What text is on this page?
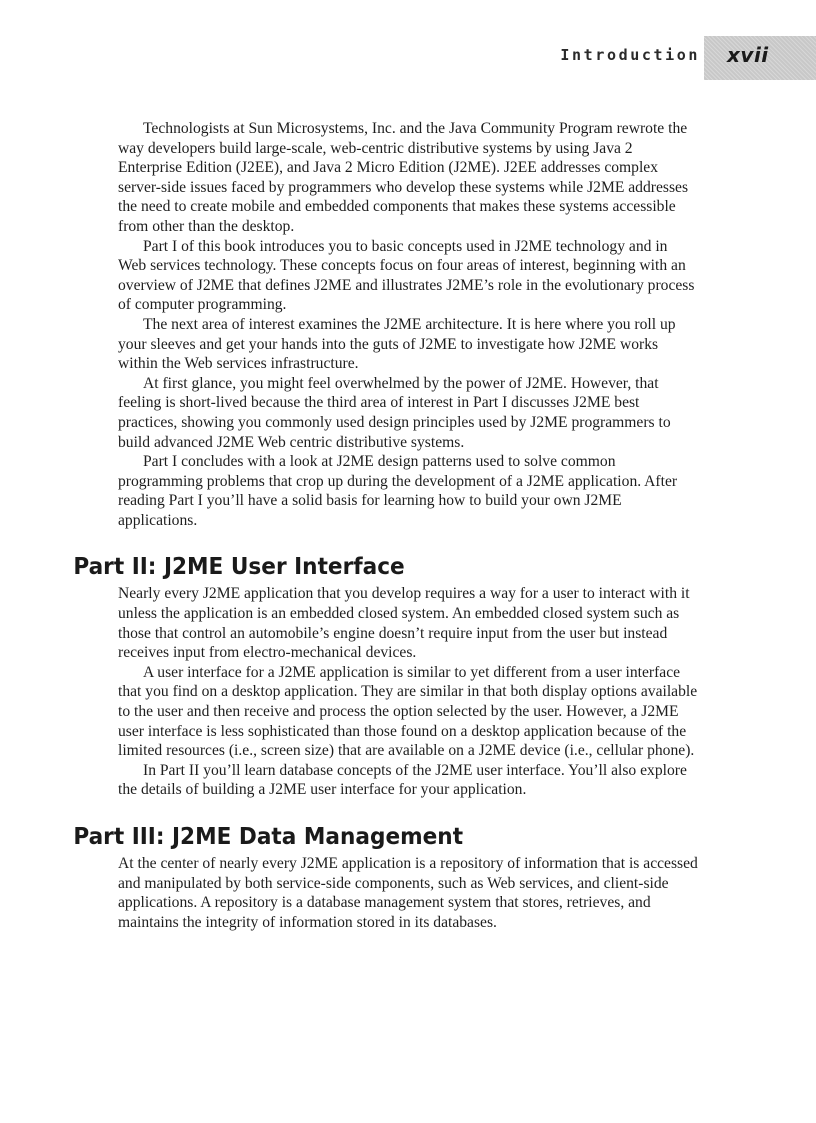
Introduction xvii

Technologists at Sun Microsystems, Inc. and the Java Community Program rewrote the way developers build large-scale, web-centric distributive systems by using Java 2 Enterprise Edition (J2EE), and Java 2 Micro Edition (J2ME). J2EE addresses complex server-side issues faced by programmers who develop these systems while J2ME addresses the need to create mobile and embedded components that makes these systems accessible from other than the desktop.

Part I of this book introduces you to basic concepts used in J2ME technology and in Web services technology. These concepts focus on four areas of interest, beginning with an overview of J2ME that defines J2ME and illustrates J2ME’s role in the evolutionary process of computer programming.

The next area of interest examines the J2ME architecture. It is here where you roll up your sleeves and get your hands into the guts of J2ME to investigate how J2ME works within the Web services infrastructure.

At first glance, you might feel overwhelmed by the power of J2ME. However, that feeling is short-lived because the third area of interest in Part I discusses J2ME best practices, showing you commonly used design principles used by J2ME programmers to build advanced J2ME Web centric distributive systems.

Part I concludes with a look at J2ME design patterns used to solve common programming problems that crop up during the development of a J2ME application. After reading Part I you’ll have a solid basis for learning how to build your own J2ME applications.

Part II: J2ME User Interface

Nearly every J2ME application that you develop requires a way for a user to interact with it unless the application is an embedded closed system. An embedded closed system such as those that control an automobile’s engine doesn’t require input from the user but instead receives input from electro-mechanical devices.

A user interface for a J2ME application is similar to yet different from a user interface that you find on a desktop application. They are similar in that both display options available to the user and then receive and process the option selected by the user. However, a J2ME user interface is less sophisticated than those found on a desktop application because of the limited resources (i.e., screen size) that are available on a J2ME device (i.e., cellular phone).

In Part II you’ll learn database concepts of the J2ME user interface. You’ll also explore the details of building a J2ME user interface for your application.

Part III: J2ME Data Management

At the center of nearly every J2ME application is a repository of information that is accessed and manipulated by both service-side components, such as Web services, and client-side applications. A repository is a database management system that stores, retrieves, and maintains the integrity of information stored in its databases.
